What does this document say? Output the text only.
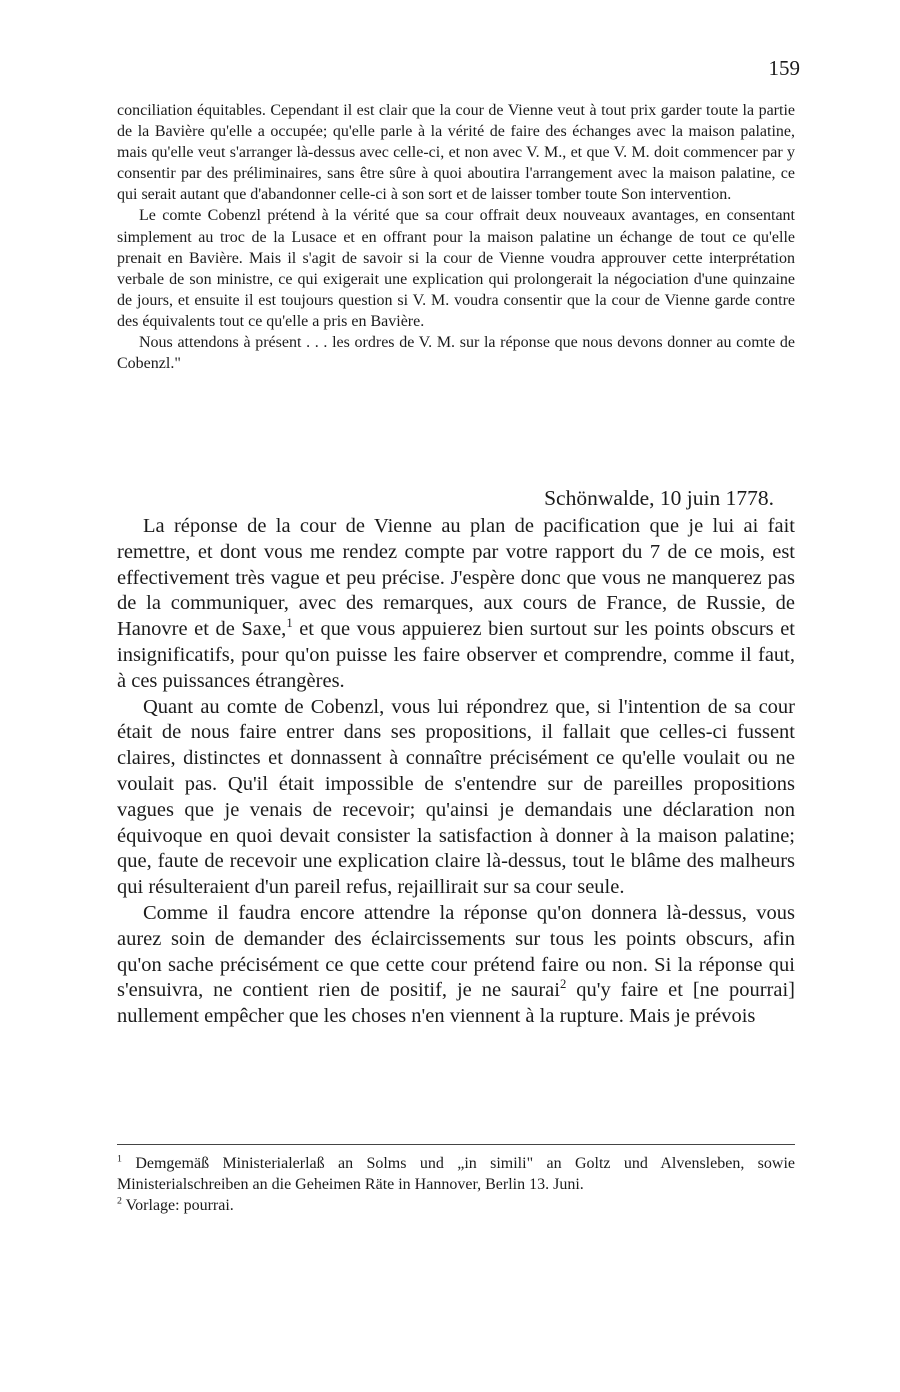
159

conciliation équitables. Cependant il est clair que la cour de Vienne veut à tout prix garder toute la partie de la Bavière qu'elle a occupée; qu'elle parle à la vérité de faire des échanges avec la maison palatine, mais qu'elle veut s'arranger là-dessus avec celle-ci, et non avec V. M., et que V. M. doit commencer par y consentir par des préliminaires, sans être sûre à quoi aboutira l'arrangement avec la maison palatine, ce qui serait autant que d'abandonner celle-ci à son sort et de laisser tomber toute Son intervention.

Le comte Cobenzl prétend à la vérité que sa cour offrait deux nouveaux avantages, en consentant simplement au troc de la Lusace et en offrant pour la maison palatine un échange de tout ce qu'elle prenait en Bavière. Mais il s'agit de savoir si la cour de Vienne voudra approuver cette interprétation verbale de son ministre, ce qui exigerait une explication qui prolongerait la négociation d'une quinzaine de jours, et ensuite il est toujours question si V. M. voudra consentir que la cour de Vienne garde contre des équivalents tout ce qu'elle a pris en Bavière.

Nous attendons à présent . . . les ordres de V. M. sur la réponse que nous devons donner au comte de Cobenzl."

Schönwalde, 10 juin 1778.

La réponse de la cour de Vienne au plan de pacification que je lui ai fait remettre, et dont vous me rendez compte par votre rapport du 7 de ce mois, est effectivement très vague et peu précise. J'espère donc que vous ne manquerez pas de la communiquer, avec des remarques, aux cours de France, de Russie, de Hanovre et de Saxe,$^1$ et que vous appuierez bien surtout sur les points obscurs et insignificatifs, pour qu'on puisse les faire observer et comprendre, comme il faut, à ces puissances étrangères.

Quant au comte de Cobenzl, vous lui répondrez que, si l'intention de sa cour était de nous faire entrer dans ses propositions, il fallait que celles-ci fussent claires, distinctes et donnassent à connaître précisément ce qu'elle voulait ou ne voulait pas. Qu'il était impossible de s'entendre sur de pareilles propositions vagues que je venais de recevoir; qu'ainsi je demandais une déclaration non équivoque en quoi devait consister la satisfaction à donner à la maison palatine; que, faute de recevoir une explication claire là-dessus, tout le blâme des malheurs qui résulteraient d'un pareil refus, rejaillirait sur sa cour seule.

Comme il faudra encore attendre la réponse qu'on donnera là-dessus, vous aurez soin de demander des éclaircissements sur tous les points obscurs, afin qu'on sache précisément ce que cette cour prétend faire ou non. Si la réponse qui s'ensuivra, ne contient rien de positif, je ne saurai$^2$ qu'y faire et [ne pourrai] nullement empêcher que les choses n'en viennent à la rupture. Mais je prévois

$^1$ Demgemäß Ministerialerlaß an Solms und „in simili" an Goltz und Alvensleben, sowie Ministerialschreiben an die Geheimen Räte in Hannover, Berlin 13. Juni.

$^2$ Vorlage: pourrai.
